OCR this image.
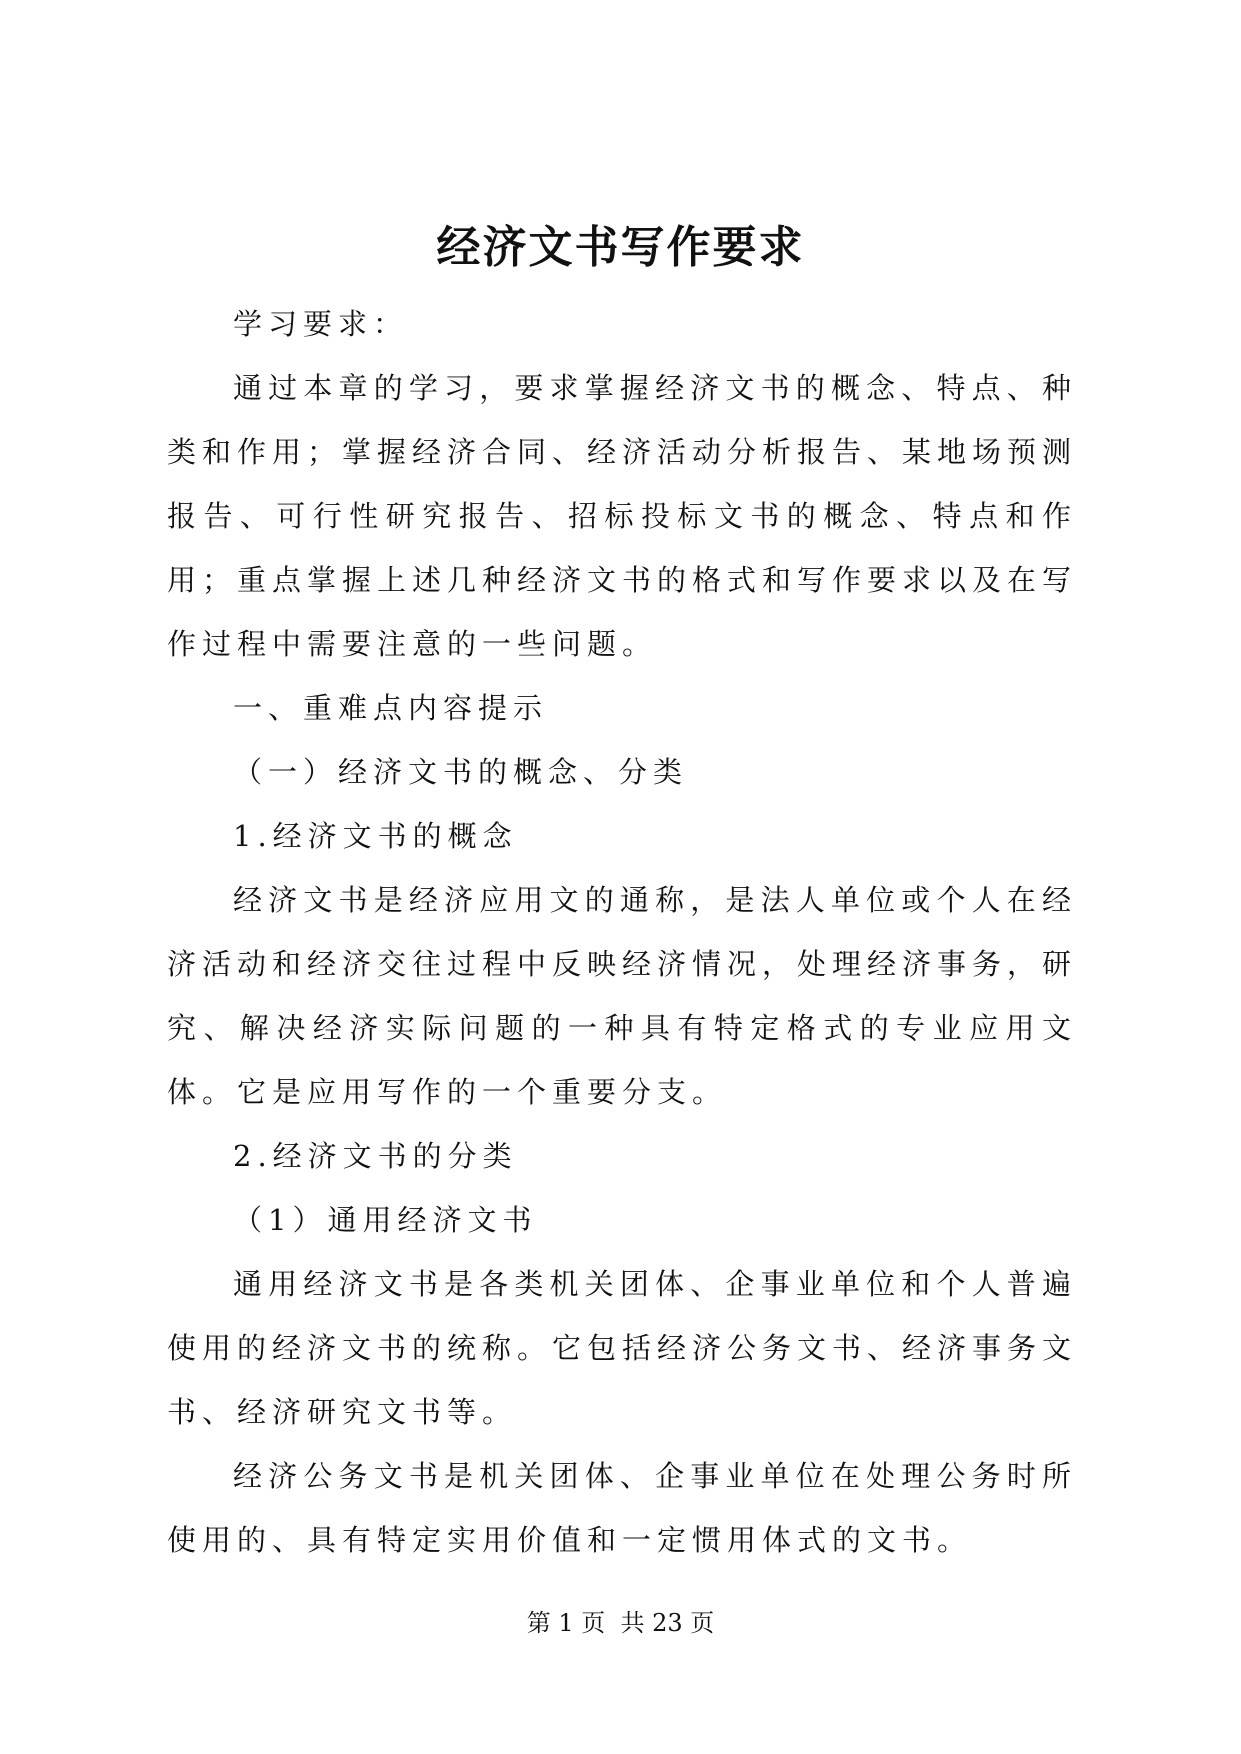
经济文书写作要求

学习要求：

通过本章的学习，要求掌握经济文书的概念、特点、种类和作用；掌握经济合同、经济活动分析报告、某地场预测报告、可行性研究报告、招标投标文书的概念、特点和作用；重点掌握上述几种经济文书的格式和写作要求以及在写作过程中需要注意的一些问题。

一、重难点内容提示

（一）经济文书的概念、分类

1.经济文书的概念

经济文书是经济应用文的通称，是法人单位或个人在经济活动和经济交往过程中反映经济情况，处理经济事务，研究、解决经济实际问题的一种具有特定格式的专业应用文体。它是应用写作的一个重要分支。

2.经济文书的分类

（1）通用经济文书

通用经济文书是各类机关团体、企事业单位和个人普遍使用的经济文书的统称。它包括经济公务文书、经济事务文书、经济研究文书等。

经济公务文书是机关团体、企事业单位在处理公务时所使用的、具有特定实用价值和一定惯用体式的文书。

第 1 页 共 23 页
